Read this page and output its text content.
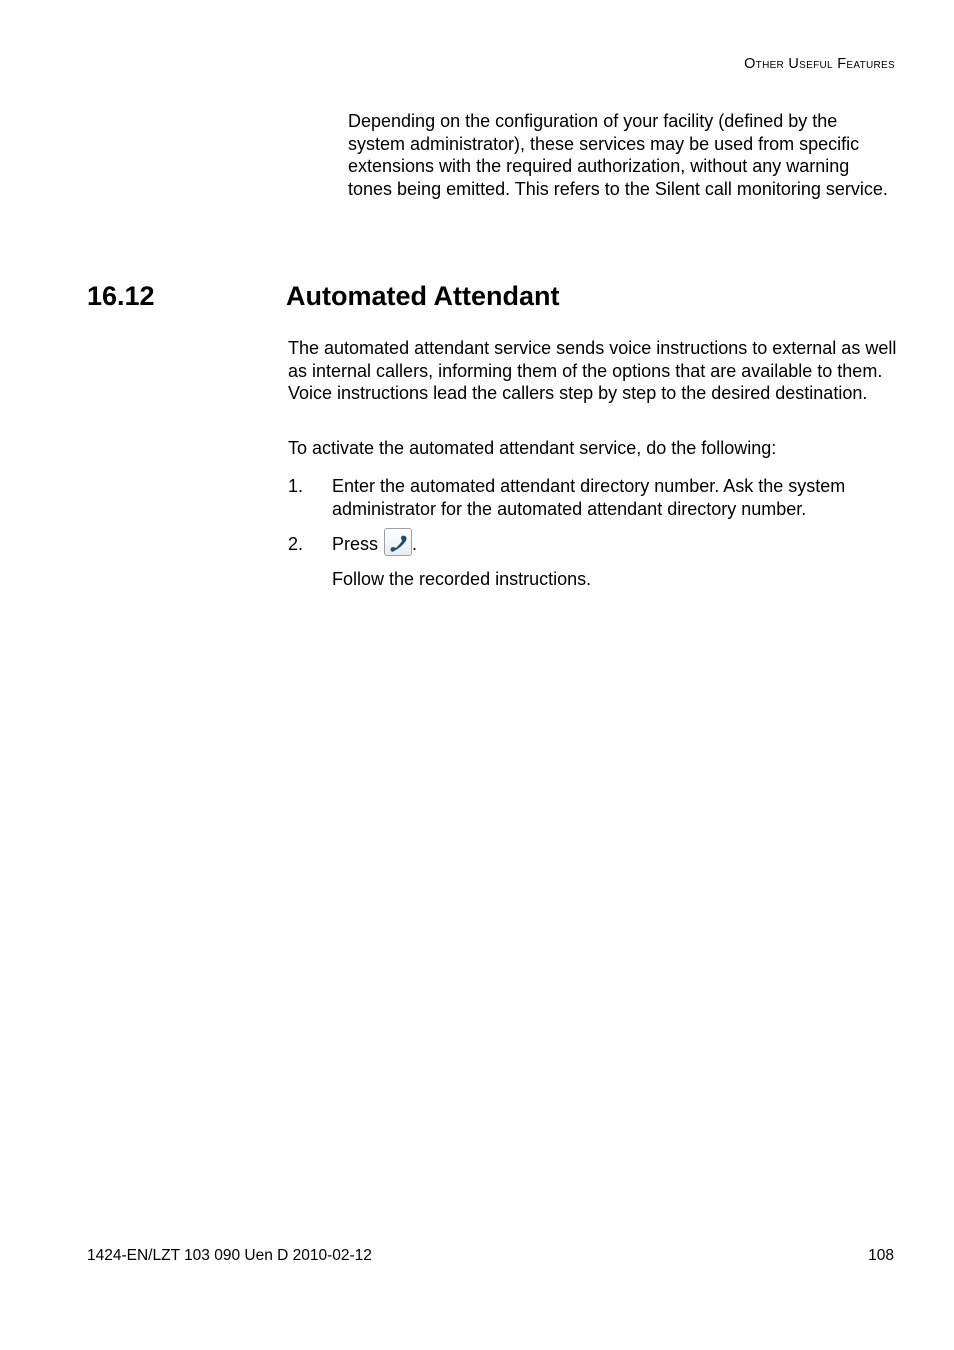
Other Useful Features

Depending on the configuration of your facility (defined by the system administrator), these services may be used from specific extensions with the required authorization, without any warning tones being emitted. This refers to the Silent call monitoring service.

16.12	Automated Attendant

The automated attendant service sends voice instructions to external as well as internal callers, informing them of the options that are available to them. Voice instructions lead the callers step by step to the desired destination.

To activate the automated attendant service, do the following:

1. Enter the automated attendant directory number. Ask the system administrator for the automated attendant directory number.
2. Press .
Follow the recorded instructions.
1424-EN/LZT 103 090 Uen D 2010-02-12	108
